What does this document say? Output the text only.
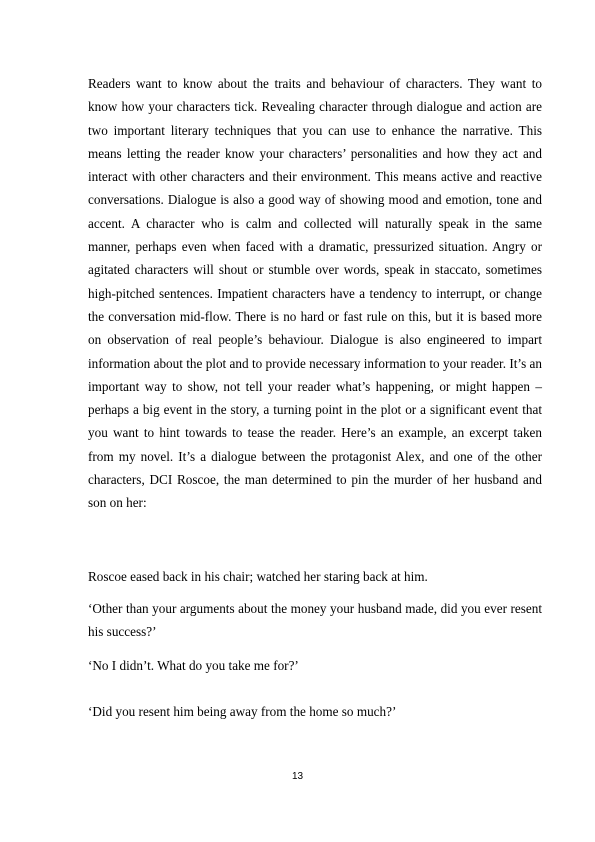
Readers want to know about the traits and behaviour of characters. They want to know how your characters tick. Revealing character through dialogue and action are two important literary techniques that you can use to enhance the narrative. This means letting the reader know your characters’ personalities and how they act and interact with other characters and their environment. This means active and reactive conversations. Dialogue is also a good way of showing mood and emotion, tone and accent. A character who is calm and collected will naturally speak in the same manner, perhaps even when faced with a dramatic, pressurized situation. Angry or agitated characters will shout or stumble over words, speak in staccato, sometimes high-pitched sentences. Impatient characters have a tendency to interrupt, or change the conversation mid-flow. There is no hard or fast rule on this, but it is based more on observation of real people’s behaviour. Dialogue is also engineered to impart information about the plot and to provide necessary information to your reader. It’s an important way to show, not tell your reader what’s happening, or might happen – perhaps a big event in the story, a turning point in the plot or a significant event that you want to hint towards to tease the reader. Here’s an example, an excerpt taken from my novel. It’s a dialogue between the protagonist Alex, and one of the other characters, DCI Roscoe, the man determined to pin the murder of her husband and son on her:

Roscoe eased back in his chair; watched her staring back at him.

‘Other than your arguments about the money your husband made, did you ever resent his success?’

‘No I didn’t. What do you take me for?’

‘Did you resent him being away from the home so much?’

13
